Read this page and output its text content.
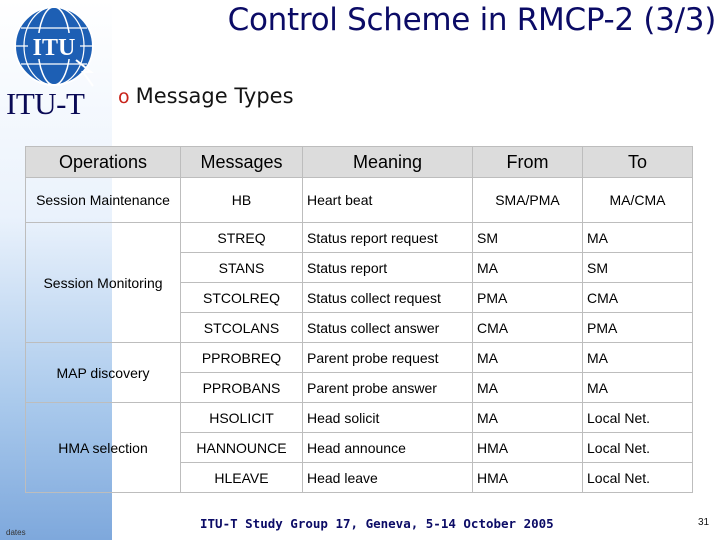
ITU
ITU-T
dates
Control Scheme in RMCP-2 (3/3)
o Message Types
Operations	Messages	Meaning	From	To
Session Maintenance	HB	Heart beat	SMA/PMA	MA/CMA
Session Monitoring	STREQ	Status report request	SM	MA
	STANS	Status report	MA	SM
	STCOLREQ	Status collect request	PMA	CMA
	STCOLANS	Status collect answer	CMA	PMA
MAP discovery	PPROBREQ	Parent probe request	MA	MA
	PPROBANS	Parent probe answer	MA	MA
HMA selection	HSOLICIT	Head solicit	MA	Local Net.
	HANNOUNCE	Head announce	HMA	Local Net.
	HLEAVE	Head leave	HMA	Local Net.
ITU-T Study Group 17, Geneva, 5-14 October 2005	31
